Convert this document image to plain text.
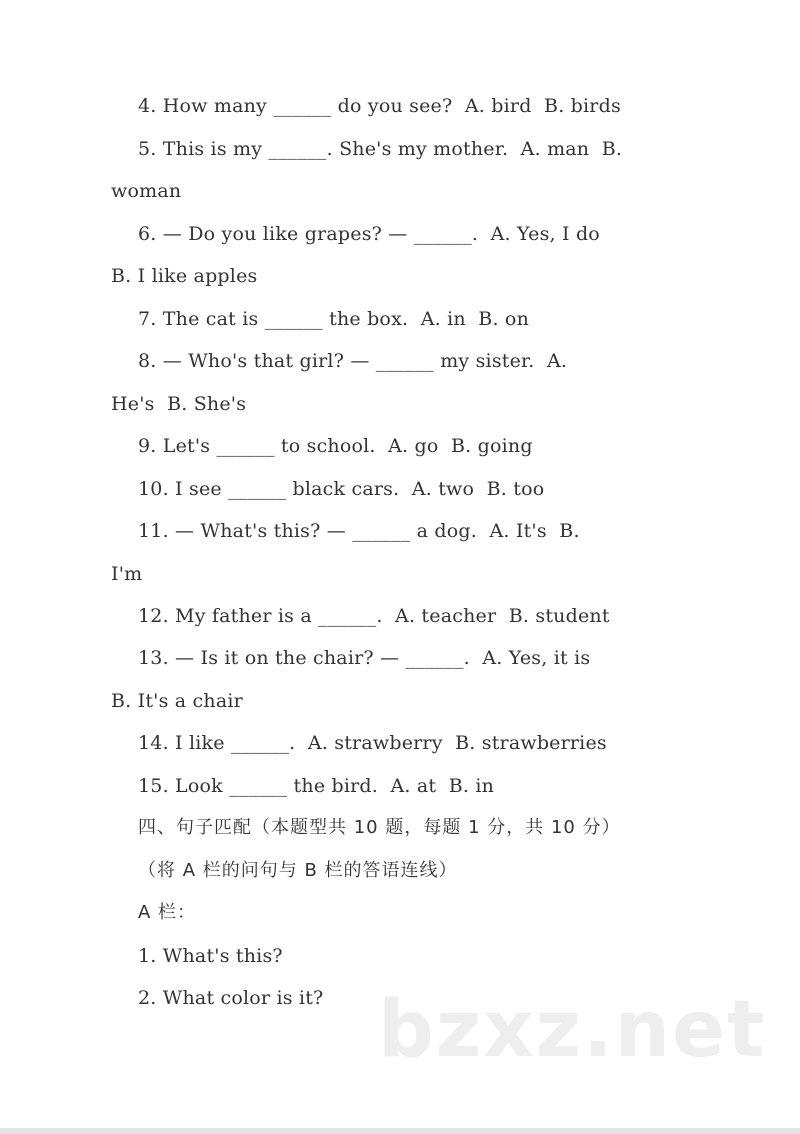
4. How many ______ do you see?  A. bird  B. birds
5. This is my ______. She's my mother.  A. man  B.
woman
6. — Do you like grapes? — ______.  A. Yes, I do
B. I like apples
7. The cat is ______ the box.  A. in  B. on
8. — Who's that girl? — ______ my sister.  A.
He's  B. She's
9. Let's ______ to school.  A. go  B. going
10. I see ______ black cars.  A. two  B. too
11. — What's this? — ______ a dog.  A. It's  B.
I'm
12. My father is a ______.  A. teacher  B. student
13. — Is it on the chair? — ______.  A. Yes, it is
B. It's a chair
14. I like ______.  A. strawberry  B. strawberries
15. Look ______ the bird.  A. at  B. in
四、句子匹配（本题型共 10 题，每题 1 分，共 10 分）
（将 A 栏的问句与 B 栏的答语连线）
A 栏：
1. What's this?
2. What color is it? bzxz.net
